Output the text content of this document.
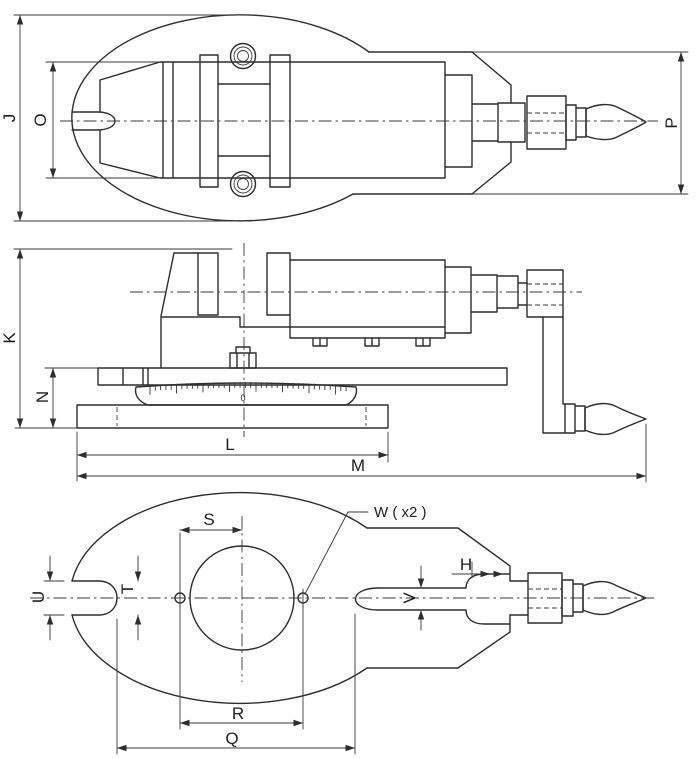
J O	P
0
K
N
L
M
S	W ( x2 )
H
U
T
V
R
Q
